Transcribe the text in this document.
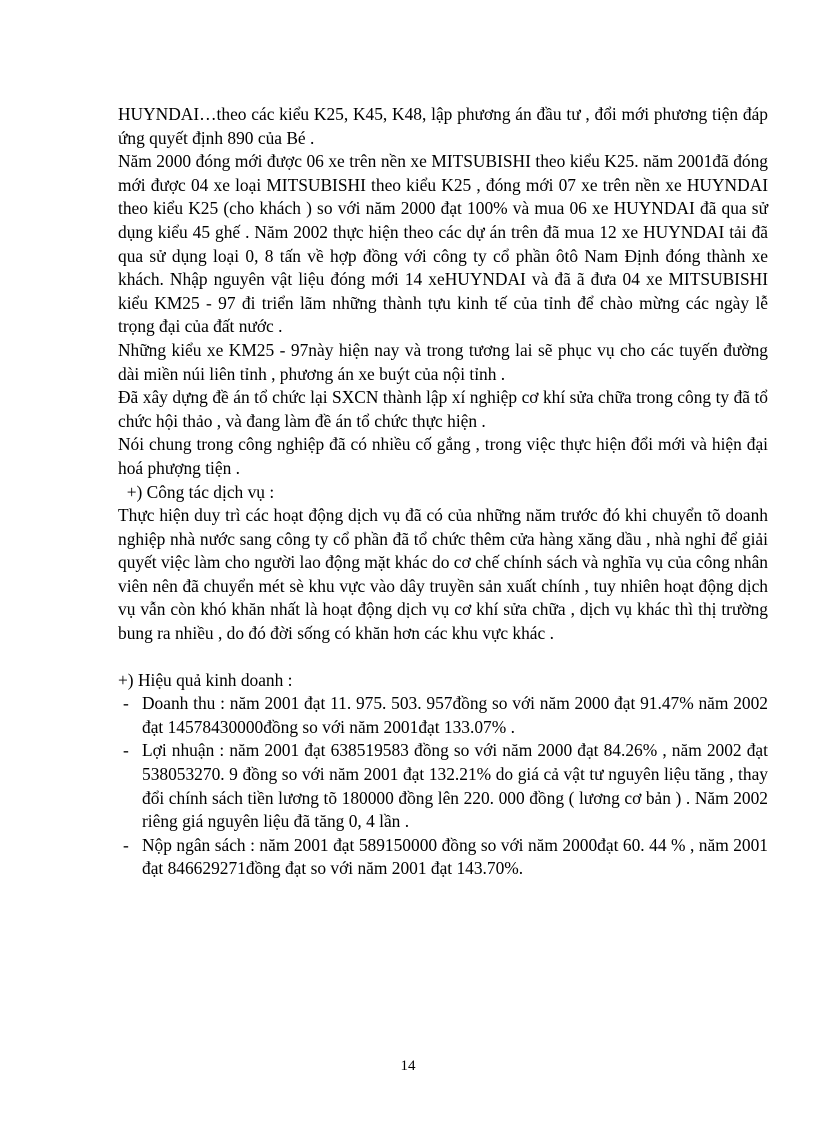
HUYNDAI…theo các kiểu K25, K45, K48, lập phương án đầu tư , đổi mới phương tiện đáp ứng quyết định 890 của Bé .

Năm 2000 đóng mới được 06 xe trên nền xe MITSUBISHI theo kiểu K25. năm 2001đã đóng mới được 04 xe loại MITSUBISHI theo kiểu K25 , đóng mới 07 xe trên nền xe HUYNDAI theo kiểu K25 (cho khách ) so với năm 2000 đạt 100% và mua 06 xe HUYNDAI đã qua sử dụng kiểu 45 ghế . Năm 2002 thực hiện theo các dự án trên đã mua 12 xe HUYNDAI tải đã qua sử dụng loại 0, 8 tấn về hợp đồng với công ty cổ phần ôtô Nam Định đóng thành xe khách. Nhập nguyên vật liệu đóng mới 14 xeHUYNDAI và đã ã đưa 04 xe MITSUBISHI kiểu KM25 - 97 đi triển lãm những thành tựu kinh tế của tỉnh để chào mừng các ngày lễ trọng đại của đất nước .

Những kiểu xe KM25 - 97này hiện nay và trong tương lai sẽ phục vụ cho các tuyến đường dài miền núi liên tỉnh , phương án xe buýt của nội tỉnh .

Đã xây dựng đề án tổ chức lại SXCN thành lập xí nghiệp cơ khí sửa chữa trong công ty đã tổ chức hội thảo , và đang làm đề án tổ chức thực hiện .

Nói chung trong công nghiệp đã có nhiều cố gắng , trong việc thực hiện đổi mới và hiện đại hoá phượng tiện .

+) Công tác dịch vụ :

Thực hiện duy trì các hoạt động dịch vụ đã có của những năm trước đó khi chuyển tõ doanh nghiệp nhà nước sang công ty cổ phần đã tổ chức thêm cửa hàng xăng dầu , nhà nghỉ để giải quyết việc làm cho người lao động mặt khác do cơ chế chính sách và nghĩa vụ của công nhân viên nên đã chuyển mét sè khu vực vào dây truyền sản xuất chính , tuy nhiên hoạt động dịch vụ vẫn còn khó khăn nhất là hoạt động dịch vụ cơ khí sửa chữa , dịch vụ khác thì thị trường bung ra nhiều , do đó đời sống có khăn hơn các khu vực khác .

+) Hiệu quả kinh doanh :

- Doanh thu : năm 2001 đạt 11. 975. 503. 957đồng so với năm 2000 đạt 91.47% năm 2002 đạt 14578430000đồng so với năm 2001đạt 133.07% .
- Lợi nhuận : năm 2001 đạt 638519583 đồng so với năm 2000 đạt 84.26% , năm 2002 đạt 538053270. 9 đồng so với năm 2001 đạt 132.21% do giá cả vật tư nguyên liệu tăng , thay đổi chính sách tiền lương tõ 180000 đồng lên 220. 000 đồng ( lương cơ bản ) . Năm 2002 riêng giá nguyên liệu đã tăng 0, 4 lần .
- Nộp ngân sách : năm 2001 đạt 589150000 đồng so với năm 2000đạt 60. 44 % , năm 2001 đạt 846629271đồng đạt so với năm 2001 đạt 143.70%.
14
